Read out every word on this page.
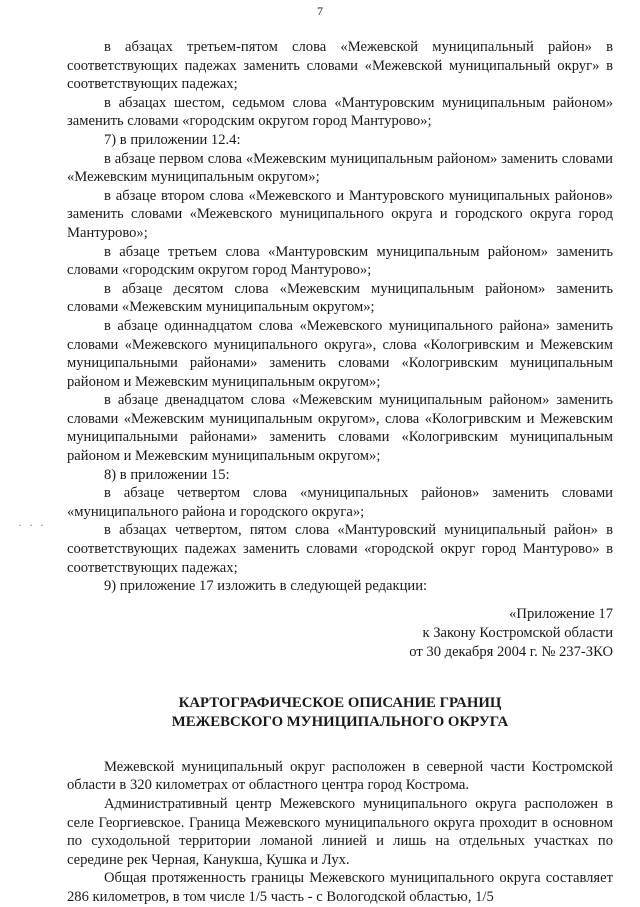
7
· · ·

в абзацах третьем-пятом слова «Межевской муниципальный район» в соответствующих падежах заменить словами «Межевской муниципальный округ» в соответствующих падежах;

в абзацах шестом, седьмом слова «Мантуровским муниципальным районом» заменить словами «городским округом город Мантурово»;

7) в приложении 12.4:

в абзаце первом слова «Межевским муниципальным районом» заменить словами «Межевским муниципальным округом»;

в абзаце втором слова «Межевского и Мантуровского муниципальных районов» заменить словами «Межевского муниципального округа и городского округа город Мантурово»;

в абзаце третьем слова «Мантуровским муниципальным районом» заменить словами «городским округом город Мантурово»;

в абзаце десятом слова «Межевским муниципальным районом» заменить словами «Межевским муниципальным округом»;

в абзаце одиннадцатом слова «Межевского муниципального района» заменить словами «Межевского муниципального округа», слова «Кологривским и Межевским муниципальными районами» заменить словами «Кологривским муниципальным районом и Межевским муниципальным округом»;

в абзаце двенадцатом слова «Межевским муниципальным районом» заменить словами «Межевским муниципальным округом», слова «Кологривским и Межевским муниципальными районами» заменить словами «Кологривским муниципальным районом и Межевским муниципальным округом»;

8) в приложении 15:

в абзаце четвертом слова «муниципальных районов» заменить словами «муниципального района и городского округа»;

в абзацах четвертом, пятом слова «Мантуровский муниципальный район» в соответствующих падежах заменить словами «городской округ город Мантурово» в соответствующих падежах;

9) приложение 17 изложить в следующей редакции:

«Приложение 17
к Закону Костромской области
от 30 декабря 2004 г. № 237-ЗКО
КАРТОГРАФИЧЕСКОЕ ОПИСАНИЕ ГРАНИЦ
МЕЖЕВСКОГО МУНИЦИПАЛЬНОГО ОКРУГА

Межевской муниципальный округ расположен в северной части Костромской области в 320 километрах от областного центра город Кострома.

Административный центр Межевского муниципального округа расположен в селе Георгиевское. Граница Межевского муниципального округа проходит в основном по суходольной территории ломаной линией и лишь на отдельных участках по середине рек Черная, Канукша, Кушка и Лух.

Общая протяженность границы Межевского муниципального округа составляет 286 километров, в том числе 1/5 часть - с Вологодской областью, 1/5
